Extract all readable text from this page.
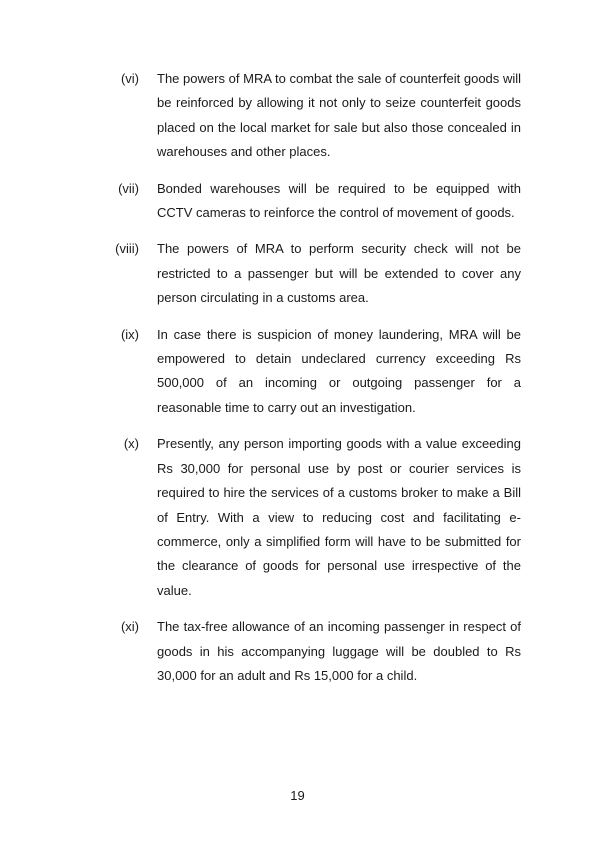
(vi) The powers of MRA to combat the sale of counterfeit goods will be reinforced by allowing it not only to seize counterfeit goods placed on the local market for sale but also those concealed in warehouses and other places.
(vii) Bonded warehouses will be required to be equipped with CCTV cameras to reinforce the control of movement of goods.
(viii) The powers of MRA to perform security check will not be restricted to a passenger but will be extended to cover any person circulating in a customs area.
(ix) In case there is suspicion of money laundering, MRA will be empowered to detain undeclared currency exceeding Rs 500,000 of an incoming or outgoing passenger for a reasonable time to carry out an investigation.
(x) Presently, any person importing goods with a value exceeding Rs 30,000 for personal use by post or courier services is required to hire the services of a customs broker to make a Bill of Entry. With a view to reducing cost and facilitating e-commerce, only a simplified form will have to be submitted for the clearance of goods for personal use irrespective of the value.
(xi) The tax-free allowance of an incoming passenger in respect of goods in his accompanying luggage will be doubled to Rs 30,000 for an adult and Rs 15,000 for a child.
19
